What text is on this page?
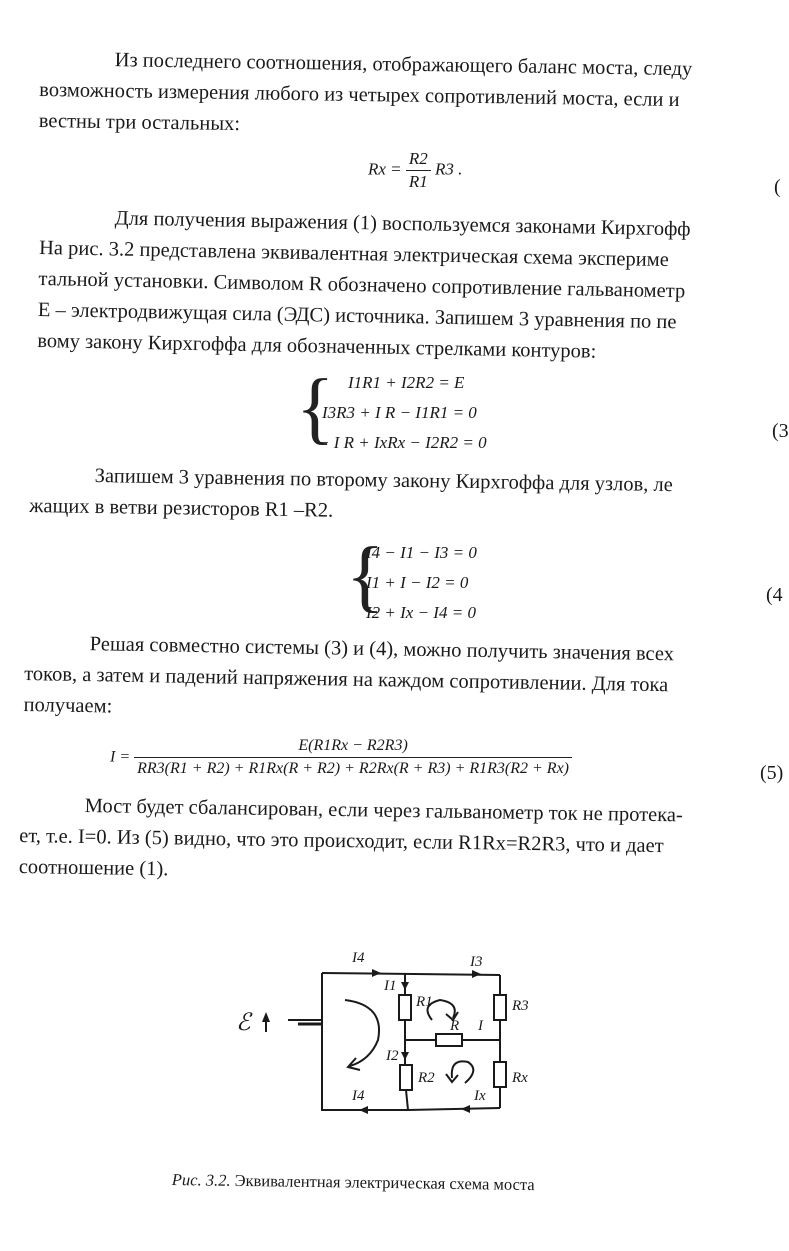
Из последнего соотношения, отображающего баланс моста, следу
возможность измерения любого из четырех сопротивлений моста, если и
вестны три остальных:
$Rx = \frac{R2}{R1} R3$ .
(
Для получения выражения (1) воспользуемся законами Кирхгофф
На рис. 3.2 представлена эквивалентная электрическая схема эксперимe
тальной установки. Символом R обозначено сопротивление гальванометр
E – электродвижущая сила (ЭДС) источника. Запишем 3 уравнения по пе
вому закону Кирхгоффа для обозначенных стрелками контуров:
{ I1R1 + I2R2 = E
I3R3 + I R − I1R1 = 0
− I R + IxRx − I2R2 = 0
(3
Запишем 3 уравнения по второму закону Кирхгоффа для узлов, ле
жащих в ветви резисторов R1 –R2.
{
I4 − I1 − I3 = 0
I1 + I − I2 = 0
I2 + Ix − I4 = 0
(4
Решая совместно системы (3) и (4), можно получить значения всех
токов, а затем и падений напряжения на каждом сопротивлении. Для тока
получаем:
$I = \frac{E(R1Rx - R2R3)}{RR3(R1 + R2) + R1Rx(R + R2) + R2Rx(R + R3) + R1R3(R2 + Rx)}$	(5)
Мост будет сбалансирован, если через гальванометр ток не протека-
ет, т.е. I=0. Из (5) видно, что это происходит, если R1Rx=R2R3, что и дает
соотношение (1).
ℰ
I4	I3
I1
R1	R3
R I
I2
R2	Rx
I4	Ix
Рис. 3.2. Эквивалентная электрическая схема моста
